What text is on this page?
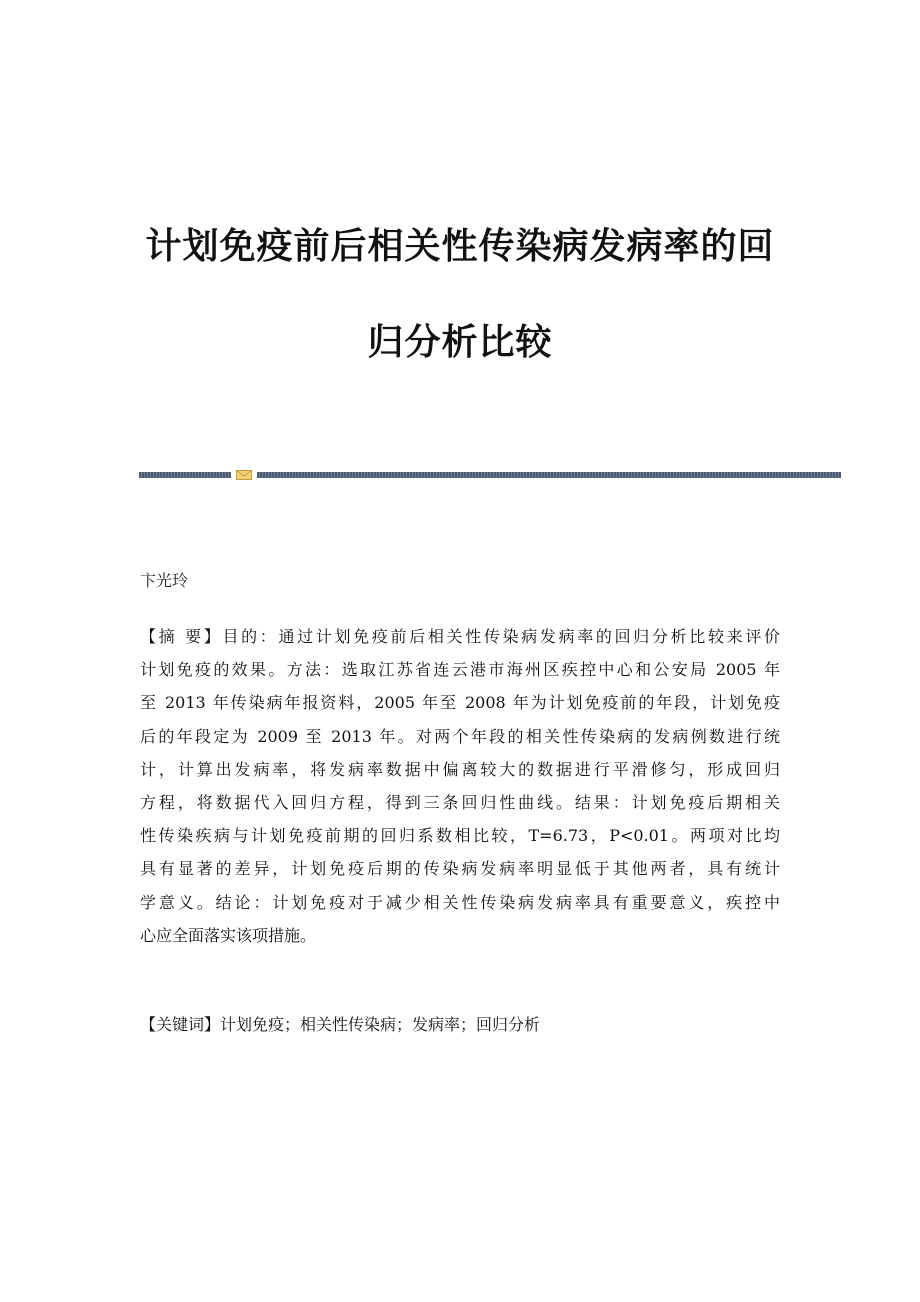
计划免疫前后相关性传染病发病率的回
归分析比较
卞光玲
【摘 要】目的：通过计划免疫前后相关性传染病发病率的回归分析比较来评价
计划免疫的效果。方法：选取江苏省连云港市海州区疾控中心和公安局 2005 年
至 2013 年传染病年报资料，2005 年至 2008 年为计划免疫前的年段，计划免疫
后的年段定为 2009 至 2013 年。对两个年段的相关性传染病的发病例数进行统
计，计算出发病率，将发病率数据中偏离较大的数据进行平滑修匀，形成回归
方程，将数据代入回归方程，得到三条回归性曲线。结果：计划免疫后期相关
性传染疾病与计划免疫前期的回归系数相比较，T=6.73，P<0.01。两项对比均
具有显著的差异，计划免疫后期的传染病发病率明显低于其他两者，具有统计
学意义。结论：计划免疫对于减少相关性传染病发病率具有重要意义，疾控中
心应全面落实该项措施。
【关键词】计划免疫；相关性传染病；发病率；回归分析
